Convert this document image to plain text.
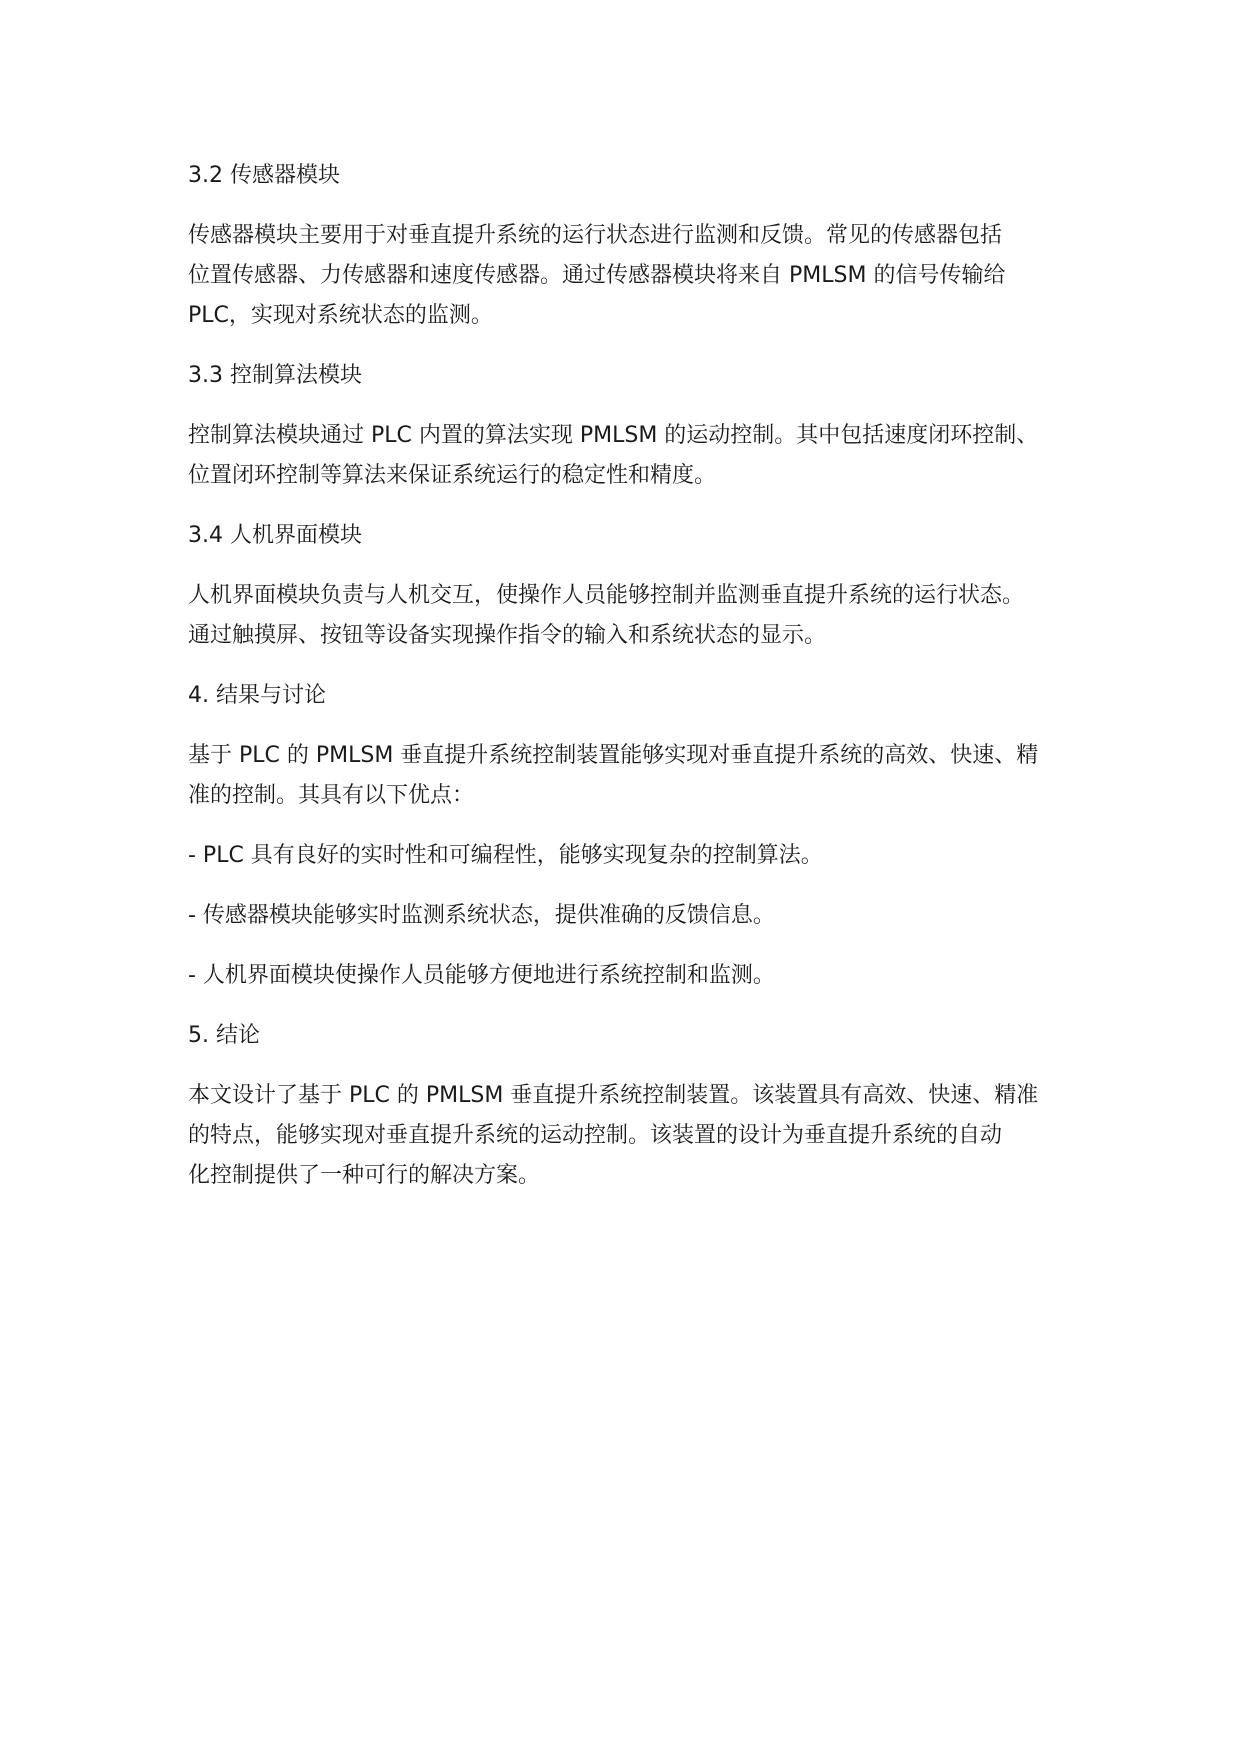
3.2 传感器模块

传感器模块主要用于对垂直提升系统的运行状态进行监测和反馈。常见的传感器包括
位置传感器、力传感器和速度传感器。通过传感器模块将来自 PMLSM 的信号传输给
PLC，实现对系统状态的监测。

3.3 控制算法模块

控制算法模块通过 PLC 内置的算法实现 PMLSM 的运动控制。其中包括速度闭环控制、
位置闭环控制等算法来保证系统运行的稳定性和精度。

3.4 人机界面模块

人机界面模块负责与人机交互，使操作人员能够控制并监测垂直提升系统的运行状态。
通过触摸屏、按钮等设备实现操作指令的输入和系统状态的显示。

4. 结果与讨论

基于 PLC 的 PMLSM 垂直提升系统控制装置能够实现对垂直提升系统的高效、快速、精
准的控制。其具有以下优点：

- PLC 具有良好的实时性和可编程性，能够实现复杂的控制算法。

- 传感器模块能够实时监测系统状态，提供准确的反馈信息。

- 人机界面模块使操作人员能够方便地进行系统控制和监测。

5. 结论

本文设计了基于 PLC 的 PMLSM 垂直提升系统控制装置。该装置具有高效、快速、精准
的特点，能够实现对垂直提升系统的运动控制。该装置的设计为垂直提升系统的自动
化控制提供了一种可行的解决方案。
